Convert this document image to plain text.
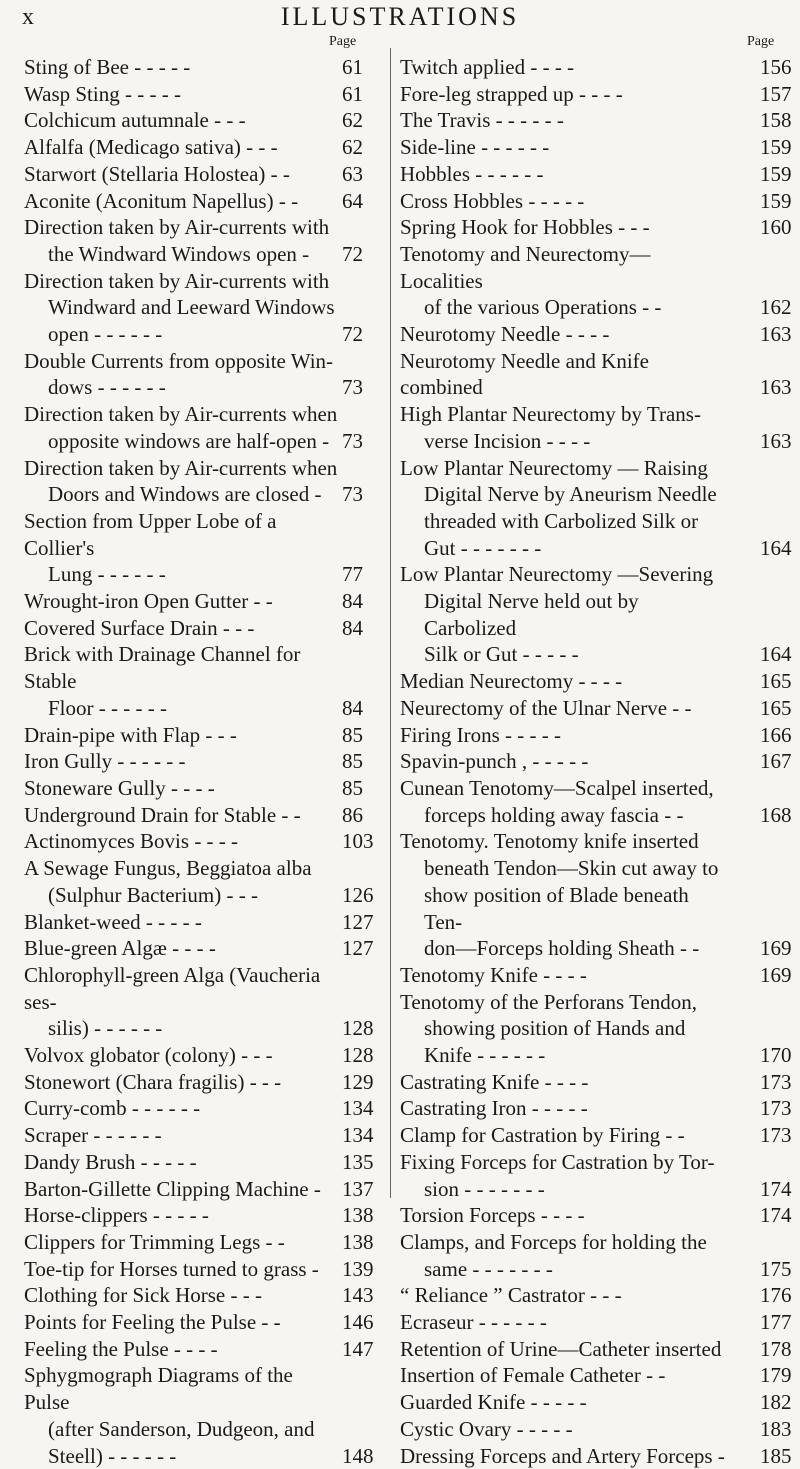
x	ILLUSTRATIONS
Page	Page
Sting of Bee - - - - -	61
Wasp Sting - - - - -	61
Colchicum autumnale - - -	62
Alfalfa (Medicago sativa) - - -	62
Starwort (Stellaria Holostea) - -	63
Aconite (Aconitum Napellus) - -	64
Direction taken by Air-currents with
the Windward Windows open -	72
Direction taken by Air-currents with
Windward and Leeward Windows
open - - - - - -	72
Double Currents from opposite Win-
dows - - - - - -	73
Direction taken by Air-currents when
opposite windows are half-open - 73
Direction taken by Air-currents when
Doors and Windows are closed - 73
Section from Upper Lobe of a Collier's
Lung - - - - - -	77
Wrought-iron Open Gutter - -	84
Covered Surface Drain - - -	84
Brick with Drainage Channel for Stable
Floor - - - - - -	84
Drain-pipe with Flap - - -	85
Iron Gully - - - - - -	85
Stoneware Gully - - - -	85
Underground Drain for Stable - -	86
Actinomyces Bovis - - - -	103
A Sewage Fungus, Beggiatoa alba
(Sulphur Bacterium) - - -	126
Blanket-weed - - - - -	127
Blue-green Algæ - - - -	127
Chlorophyll-green Alga (Vaucheria ses-
silis) - - - - - -	128
Volvox globator (colony) - - -	128
Stonewort (Chara fragilis) - - -	129
Curry-comb - - - - - -	134
Scraper - - - - - -	134
Dandy Brush - - - - -	135
Barton-Gillette Clipping Machine -	137
Horse-clippers - - - - -	138
Clippers for Trimming Legs - -	138
Toe-tip for Horses turned to grass -	139
Clothing for Sick Horse - - -	143
Points for Feeling the Pulse - -	146
Feeling the Pulse - - - -	147
Sphygmograph Diagrams of the Pulse
(after Sanderson, Dudgeon, and
Steell) - - - - - -	148
Twitch applied - - - -	156
Fore-leg strapped up - - - -	157
The Travis - - - - - -	158
Side-line - - - - - -	159
Hobbles - - - - - -	159
Cross Hobbles - - - - -	159
Spring Hook for Hobbles - - -	160
Tenotomy and Neurectomy—Localities
of the various Operations - -	162
Neurotomy Needle - - - -	163
Neurotomy Needle and Knife combined	163
High Plantar Neurectomy by Trans-
verse Incision - - - -	163
Low Plantar Neurectomy — Raising
Digital Nerve by Aneurism Needle
threaded with Carbolized Silk or
Gut - - - - - - -	164
Low Plantar Neurectomy —Severing
Digital Nerve held out by Carbolized
Silk or Gut - - - - -	164
Median Neurectomy - - - -	165
Neurectomy of the Ulnar Nerve - -	165
Firing Irons - - - - -	166
Spavin-punch , - - - - -	167
Cunean Tenotomy—Scalpel inserted,
forceps holding away fascia - -	168
Tenotomy. Tenotomy knife inserted
beneath Tendon—Skin cut away to
show position of Blade beneath Ten-
don—Forceps holding Sheath - -	169
Tenotomy Knife - - - -	169
Tenotomy of the Perforans Tendon,
showing position of Hands and
Knife - - - - - -	170
Castrating Knife - - - -	173
Castrating Iron - - - - -	173
Clamp for Castration by Firing - -	173
Fixing Forceps for Castration by Tor-
sion - - - - - - -	174
Torsion Forceps - - - -	174
Clamps, and Forceps for holding the
same - - - - - - -	175
“ Reliance ” Castrator - - -	176
Ecraseur - - - - - -	177
Retention of Urine—Catheter inserted	178
Insertion of Female Catheter - -	179
Guarded Knife - - - - -	182
Cystic Ovary - - - - -	183
Dressing Forceps and Artery Forceps - 185
